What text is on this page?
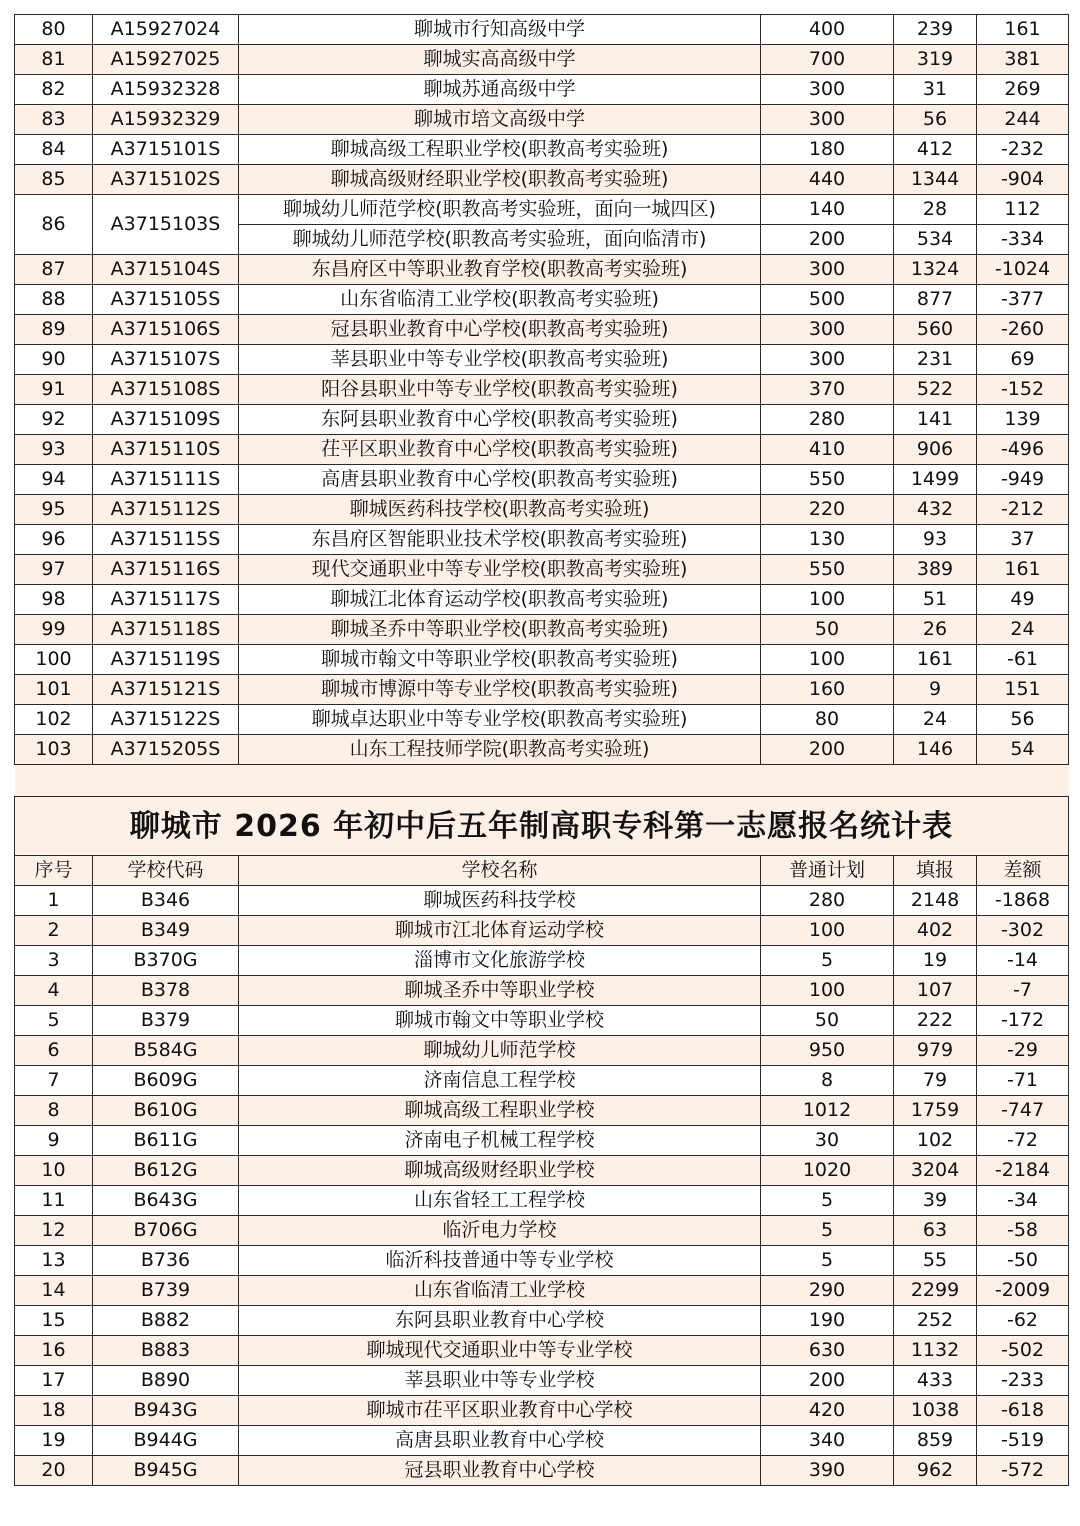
80	A15927024	聊城市行知高级中学	400	239	161
81	A15927025	聊城实高高级中学	700	319	381
82	A15932328	聊城苏通高级中学	300	31	269
83	A15932329	聊城市培文高级中学	300	56	244
84	A3715101S	聊城高级工程职业学校(职教高考实验班)	180	412	-232
85	A3715102S	聊城高级财经职业学校(职教高考实验班)	440	1344	-904
86	A3715103S	聊城幼儿师范学校(职教高考实验班，面向一城四区)	140	28	112
		聊城幼儿师范学校(职教高考实验班，面向临清市)	200	534	-334
87	A3715104S	东昌府区中等职业教育学校(职教高考实验班)	300	1324	-1024
88	A3715105S	山东省临清工业学校(职教高考实验班)	500	877	-377
89	A3715106S	冠县职业教育中心学校(职教高考实验班)	300	560	-260
90	A3715107S	莘县职业中等专业学校(职教高考实验班)	300	231	69
91	A3715108S	阳谷县职业中等专业学校(职教高考实验班)	370	522	-152
92	A3715109S	东阿县职业教育中心学校(职教高考实验班)	280	141	139
93	A3715110S	茌平区职业教育中心学校(职教高考实验班)	410	906	-496
94	A3715111S	高唐县职业教育中心学校(职教高考实验班)	550	1499	-949
95	A3715112S	聊城医药科技学校(职教高考实验班)	220	432	-212
96	A3715115S	东昌府区智能职业技术学校(职教高考实验班)	130	93	37
97	A3715116S	现代交通职业中等专业学校(职教高考实验班)	550	389	161
98	A3715117S	聊城江北体育运动学校(职教高考实验班)	100	51	49
99	A3715118S	聊城圣乔中等职业学校(职教高考实验班)	50	26	24
100	A3715119S	聊城市翰文中等职业学校(职教高考实验班)	100	161	-61
101	A3715121S	聊城市博源中等专业学校(职教高考实验班)	160	9	151
102	A3715122S	聊城卓达职业中等专业学校(职教高考实验班)	80	24	56
103	A3715205S	山东工程技师学院(职教高考实验班)	200	146	54

聊城市 2026 年初中后五年制高职专科第一志愿报名统计表					
序号	学校代码	学校名称	普通计划	填报	差额
1	B346	聊城医药科技学校	280	2148	-1868
2	B349	聊城市江北体育运动学校	100	402	-302
3	B370G	淄博市文化旅游学校	5	19	-14
4	B378	聊城圣乔中等职业学校	100	107	-7
5	B379	聊城市翰文中等职业学校	50	222	-172
6	B584G	聊城幼儿师范学校	950	979	-29
7	B609G	济南信息工程学校	8	79	-71
8	B610G	聊城高级工程职业学校	1012	1759	-747
9	B611G	济南电子机械工程学校	30	102	-72
10	B612G	聊城高级财经职业学校	1020	3204	-2184
11	B643G	山东省轻工工程学校	5	39	-34
12	B706G	临沂电力学校	5	63	-58
13	B736	临沂科技普通中等专业学校	5	55	-50
14	B739	山东省临清工业学校	290	2299	-2009
15	B882	东阿县职业教育中心学校	190	252	-62
16	B883	聊城现代交通职业中等专业学校	630	1132	-502
17	B890	莘县职业中等专业学校	200	433	-233
18	B943G	聊城市茌平区职业教育中心学校	420	1038	-618
19	B944G	高唐县职业教育中心学校	340	859	-519
20	B945G	冠县职业教育中心学校	390	962	-572
